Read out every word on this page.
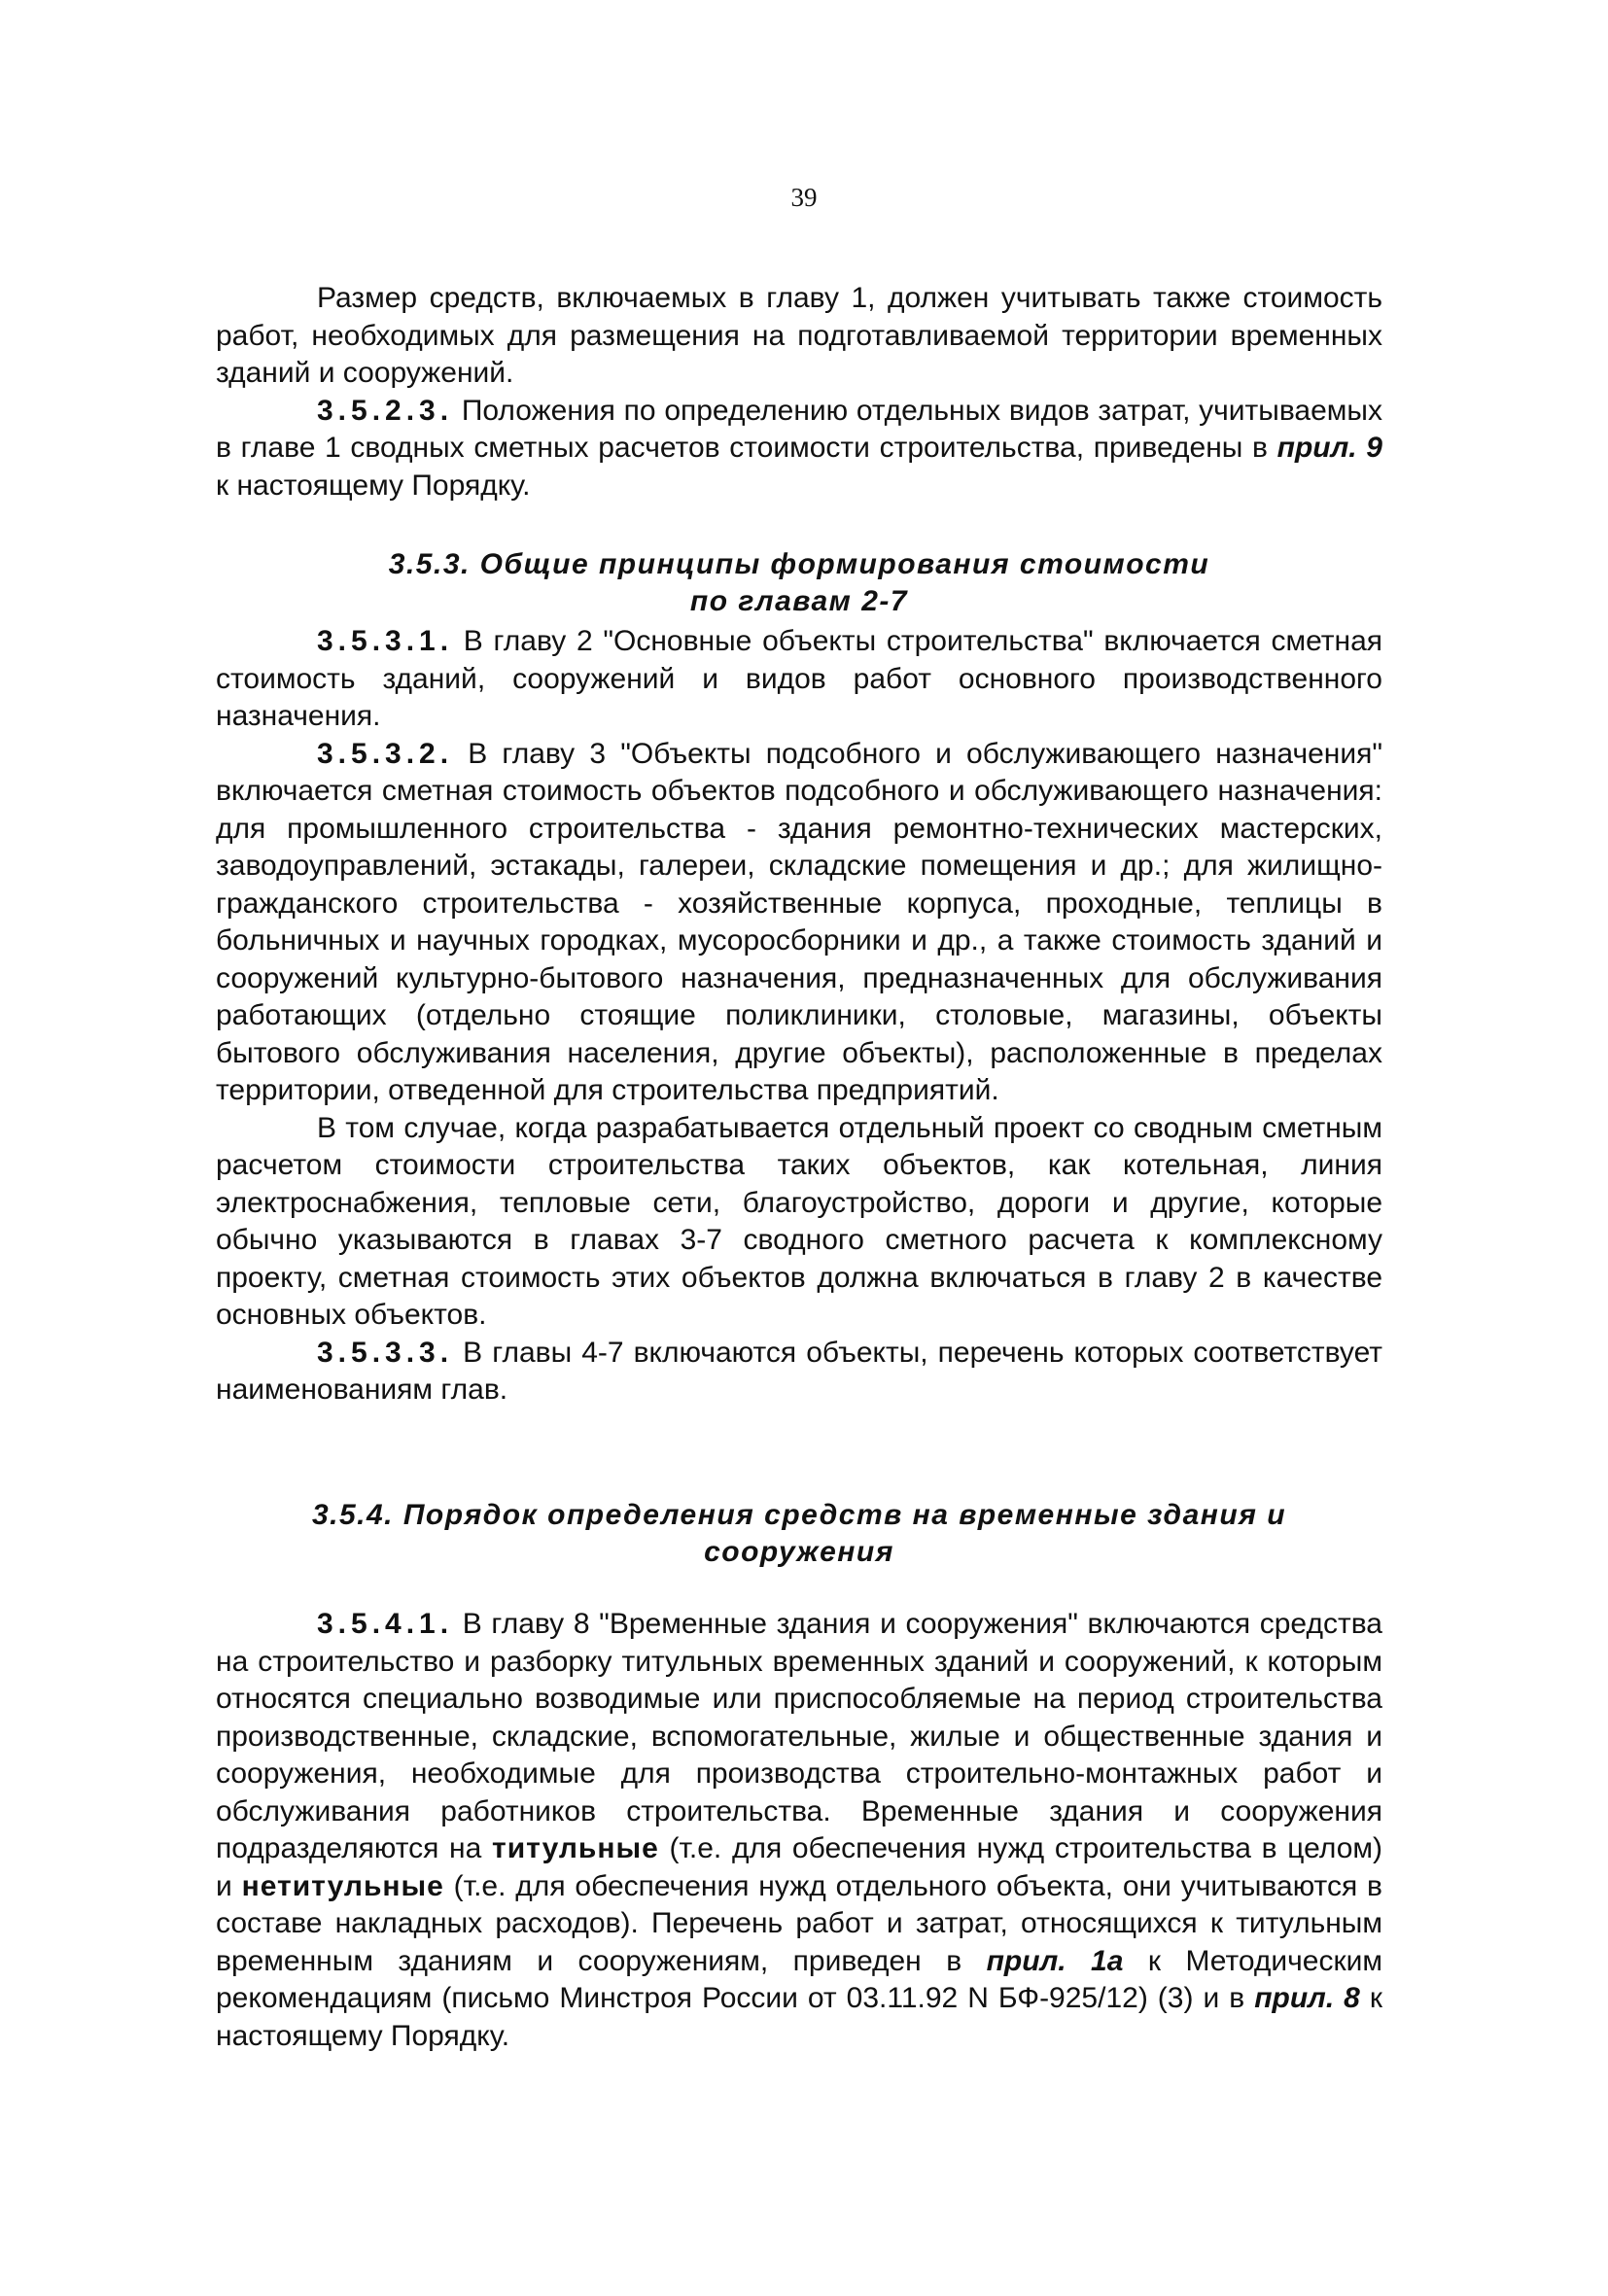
39

Размер средств, включаемых в главу 1, должен учитывать также стоимость работ, необходимых для размещения на подготавливаемой территории временных зданий и сооружений.

3.5.2.3. Положения по определению отдельных видов затрат, учитываемых в главе 1 сводных сметных расчетов стоимости строительства, приведены в прил. 9 к настоящему Порядку.

3.5.3. Общие принципы формирования стоимости
по главам 2-7

3.5.3.1. В главу 2 "Основные объекты строительства" включается сметная стоимость зданий, сооружений и видов работ основного производственного назначения.

3.5.3.2. В главу 3 "Объекты подсобного и обслуживающего назначения" включается сметная стоимость объектов подсобного и обслуживающего назначения: для промышленного строительства - здания ремонтно-технических мастерских, заводоуправлений, эстакады, галереи, складские помещения и др.; для жилищно-гражданского строительства - хозяйственные корпуса, проходные, теплицы в больничных и научных городках, мусоросборники и др., а также стоимость зданий и сооружений культурно-бытового назначения, предназначенных для обслуживания работающих (отдельно стоящие поликлиники, столовые, магазины, объекты бытового обслуживания населения, другие объекты), расположенные в пределах территории, отведенной для строительства предприятий.

В том случае, когда разрабатывается отдельный проект со сводным сметным расчетом стоимости строительства таких объектов, как котельная, линия электроснабжения, тепловые сети, благоустройство, дороги и другие, которые обычно указываются в главах 3-7 сводного сметного расчета к комплексному проекту, сметная стоимость этих объектов должна включаться в главу 2 в качестве основных объектов.

3.5.3.3. В главы 4-7 включаются объекты, перечень которых соответствует наименованиям глав.

3.5.4. Порядок определения средств на временные здания и
сооружения

3.5.4.1. В главу 8 "Временные здания и сооружения" включаются средства на строительство и разборку титульных временных зданий и сооружений, к которым относятся специально возводимые или приспособляемые на период строительства производственные, складские, вспомогательные, жилые и общественные здания и сооружения, необходимые для производства строительно-монтажных работ и обслуживания работников строительства. Временные здания и сооружения подразделяются на титульные (т.е. для обеспечения нужд строительства в целом) и нетитульные (т.е. для обеспечения нужд отдельного объекта, они учитываются в составе накладных расходов). Перечень работ и затрат, относящихся к титульным временным зданиям и сооружениям, приведен в прил. 1а к Методическим рекомендациям (письмо Минстроя России от 03.11.92 N БФ-925/12) (3) и в прил. 8 к настоящему Порядку.
